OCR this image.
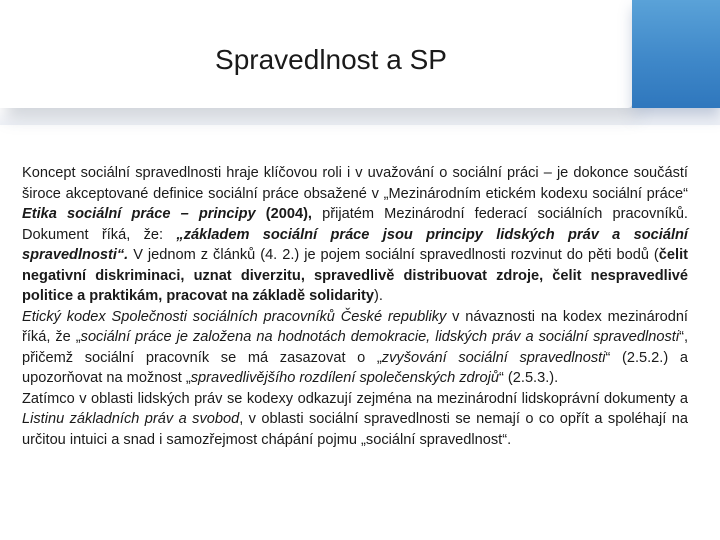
Spravedlnost a SP

Koncept sociální spravedlnosti hraje klíčovou roli i v uvažování o sociální práci – je dokonce součástí široce akceptované definice sociální práce obsažené v „Mezinárodním etickém kodexu sociální práce“ Etika sociální práce – principy (2004), přijatém Mezinárodní federací sociálních pracovníků. Dokument říká, že: „základem sociální práce jsou principy lidských práv a sociální spravedlnosti“. V jednom z článků (4. 2.) je pojem sociální spravedlnosti rozvinut do pěti bodů (čelit negativní diskriminaci, uznat diverzitu, spravedlivě distribuovat zdroje, čelit nespravedlivé politice a praktikám, pracovat na základě solidarity).

Etický kodex Společnosti sociálních pracovníků České republiky v návaznosti na kodex mezinárodní říká, že „sociální práce je založena na hodnotách demokracie, lidských práv a sociální spravedlnosti“, přičemž sociální pracovník se má zasazovat o „zvyšování sociální spravedlnosti“ (2.5.2.) a upozorňovat na možnost „spravedlivějšího rozdílení společenských zdrojů“ (2.5.3.).

Zatímco v oblasti lidských práv se kodexy odkazují zejména na mezinárodní lidskoprávní dokumenty a Listinu základních práv a svobod, v oblasti sociální spravedlnosti se nemají o co opřít a spoléhají na určitou intuici a snad i samozřejmost chápání pojmu „sociální spravedlnost“.
